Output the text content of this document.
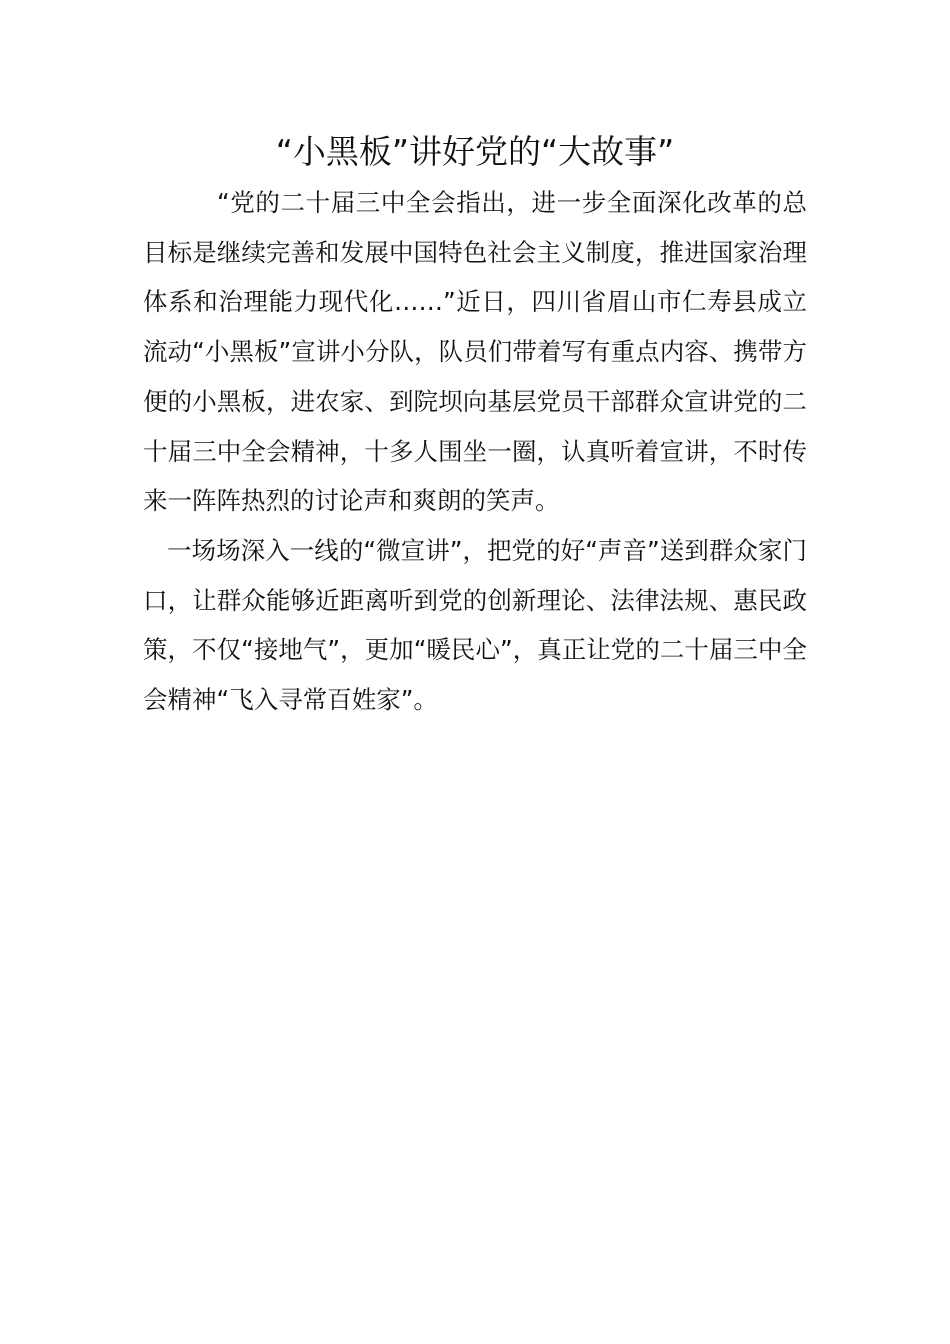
“小黑板”讲好党的“大故事”

“党的二十届三中全会指出，进一步全面深化改革的总目标是继续完善和发展中国特色社会主义制度，推进国家治理体系和治理能力现代化……”近日，四川省眉山市仁寿县成立流动“小黑板”宣讲小分队，队员们带着写有重点内容、携带方便的小黑板，进农家、到院坝向基层党员干部群众宣讲党的二十届三中全会精神，十多人围坐一圈，认真听着宣讲，不时传来一阵阵热烈的讨论声和爽朗的笑声。

一场场深入一线的“微宣讲”，把党的好“声音”送到群众家门口，让群众能够近距离听到党的创新理论、法律法规、惠民政策，不仅“接地气”，更加“暖民心”，真正让党的二十届三中全会精神“飞入寻常百姓家”。
